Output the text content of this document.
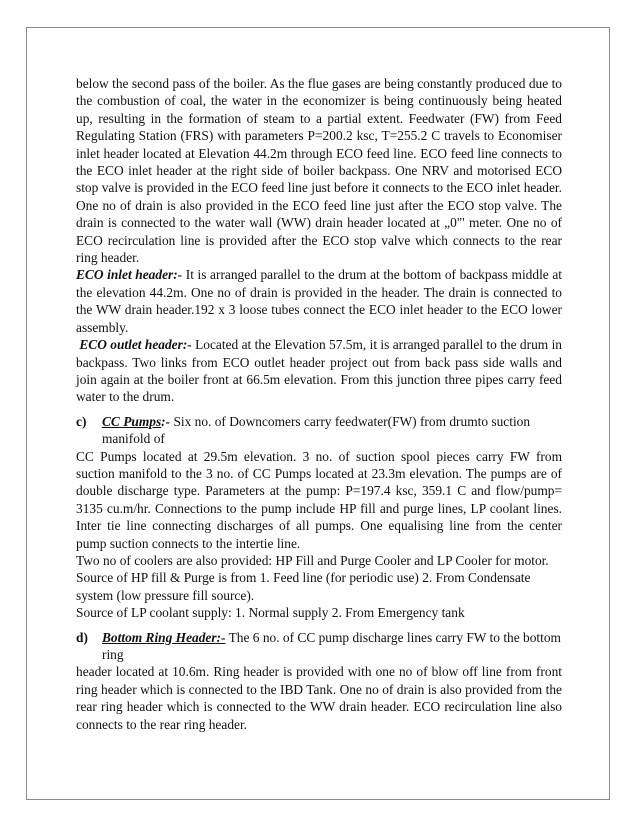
below the second pass of the boiler. As the flue gases are being constantly produced due to the combustion of coal, the water in the economizer is being continuously being heated up, resulting in the formation of steam to a partial extent. Feedwater (FW) from Feed Regulating Station (FRS) with parameters P=200.2 ksc, T=255.2 C travels to Economiser inlet header located at Elevation 44.2m through ECO feed line. ECO feed line connects to the ECO inlet header at the right side of boiler backpass. One NRV and motorised ECO stop valve is provided in the ECO feed line just before it connects to the ECO inlet header. One no of drain is also provided in the ECO feed line just after the ECO stop valve. The drain is connected to the water wall (WW) drain header located at „0"' meter. One no of ECO recirculation line is provided after the ECO stop valve which connects to the rear ring header.

ECO inlet header:- It is arranged parallel to the drum at the bottom of backpass middle at the elevation 44.2m. One no of drain is provided in the header. The drain is connected to the WW drain header.192 x 3 loose tubes connect the ECO inlet header to the ECO lower assembly.

ECO outlet header:- Located at the Elevation 57.5m, it is arranged parallel to the drum in backpass. Two links from ECO outlet header project out from back pass side walls and join again at the boiler front at 66.5m elevation. From this junction three pipes carry feed water to the drum.

c)	CC Pumps:- Six no. of Downcomers carry feedwater(FW) from drumto suction manifold of

CC Pumps located at 29.5m elevation. 3 no. of suction spool pieces carry FW from suction manifold to the 3 no. of CC Pumps located at 23.3m elevation. The pumps are of double discharge type. Parameters at the pump: P=197.4 ksc, 359.1 C and flow/pump= 3135 cu.m/hr. Connections to the pump include HP fill and purge lines, LP coolant lines. Inter tie line connecting discharges of all pumps. One equalising line from the center pump suction connects to the intertie line.

Two no of coolers are also provided: HP Fill and Purge Cooler and LP Cooler for motor.

Source of HP fill & Purge is from 1. Feed line (for periodic use) 2. From Condensate system (low pressure fill source).

Source of LP coolant supply: 1. Normal supply 2. From Emergency tank

d)	Bottom Ring Header:- The 6 no. of CC pump discharge lines carry FW to the bottom ring

header located at 10.6m. Ring header is provided with one no of blow off line from front ring header which is connected to the IBD Tank. One no of drain is also provided from the rear ring header which is connected to the WW drain header. ECO recirculation line also connects to the rear ring header.
